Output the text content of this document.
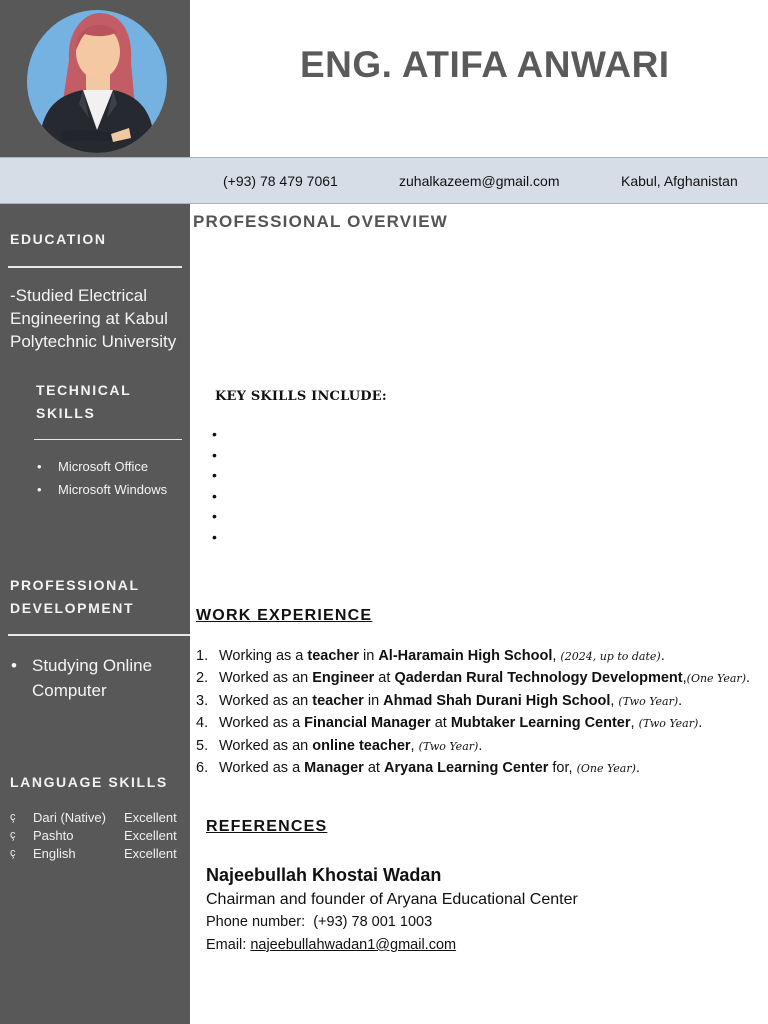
ENG. ATIFA ANWARI
(+93) 78 479 7061	zuhalkazeem@gmail.com	Kabul, Afghanistan
EDUCATION
-Studied Electrical
Engineering at Kabul
Polytechnic University
TECHNICAL
SKILLS
• Microsoft Office
• Microsoft Windows
PROFESSIONAL
DEVELOPMENT
• Studying Online
Computer
LANGUAGE SKILLS
ç Dari (Native) Excellent
ç Pashto	Excellent
ç English	Excellent
PROFESSIONAL OVERVIEW
KEY SKILLS INCLUDE:
•
•
•
•
•
•
WORK EXPERIENCE
1. Working as a teacher in Al-Haramain High School, (2024, up to date).
2. Worked as an Engineer at Qaderdan Rural Technology Development,(One Year).
3. Worked as an teacher in Ahmad Shah Durani High School, (Two Year).
4. Worked as a Financial Manager at Mubtaker Learning Center, (Two Year).
5. Worked as an online teacher, (Two Year).
6. Worked as a Manager at Aryana Learning Center for, (One Year).
REFERENCES
Najeebullah Khostai Wadan
Chairman and founder of Aryana Educational Center
Phone number: (+93) 78 001 1003
Email: najeebullahwadan1@gmail.com
